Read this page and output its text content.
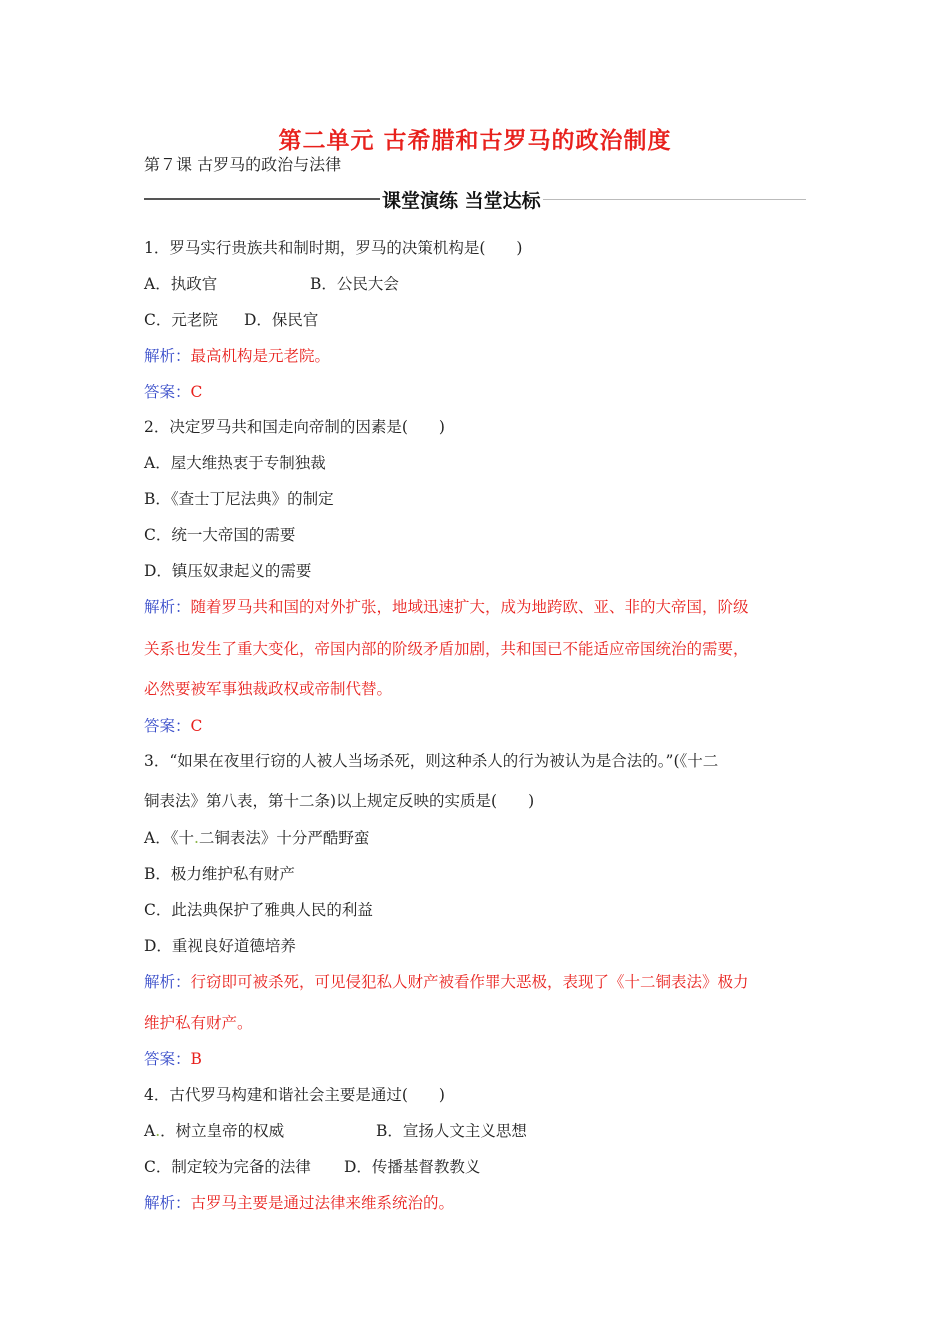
第二单元 古希腊和古罗马的政治制度
第７课 古罗马的政治与法律
课堂演练 当堂达标
1．罗马实行贵族共和制时期，罗马的决策机构是(　　)
A．执政官	B．公民大会
C．元老院 D．保民官
解析：最高机构是元老院。
答案：C
2．决定罗马共和国走向帝制的因素是(　　)
A．屋大维热衷于专制独裁
B．《查士丁尼法典》的制定
C．统一大帝国的需要
D．镇压奴隶起义的需要
解析：随着罗马共和国的对外扩张，地域迅速扩大，成为地跨欧、亚、非的大帝国，阶级
关系也发生了重大变化，帝国内部的阶级矛盾加剧，共和国已不能适应帝国统治的需要，
必然要被军事独裁政权或帝制代替。
答案：C
3．“如果在夜里行窃的人被人当场杀死，则这种杀人的行为被认为是合法的。”(《十二
铜表法》第八表，第十二条)以上规定反映的实质是(　　)
A．《十.二铜表法》十分严酷野蛮
B．极力维护私有财产
C．此法典保护了雅典人民的利益
D．重视良好道德培养
解析：行窃即可被杀死，可见侵犯私人财产被看作罪大恶极，表现了《十二铜表法》极力
维护私有财产。
答案：B
4．古代罗马构建和谐社会主要是通过(　　)
A.．树立皇帝的权威	B．宣扬人文主义思想
C．制定较为完备的法律 D．传播基督教教义
解析：古罗马主要是通过法律来维系统治的。
